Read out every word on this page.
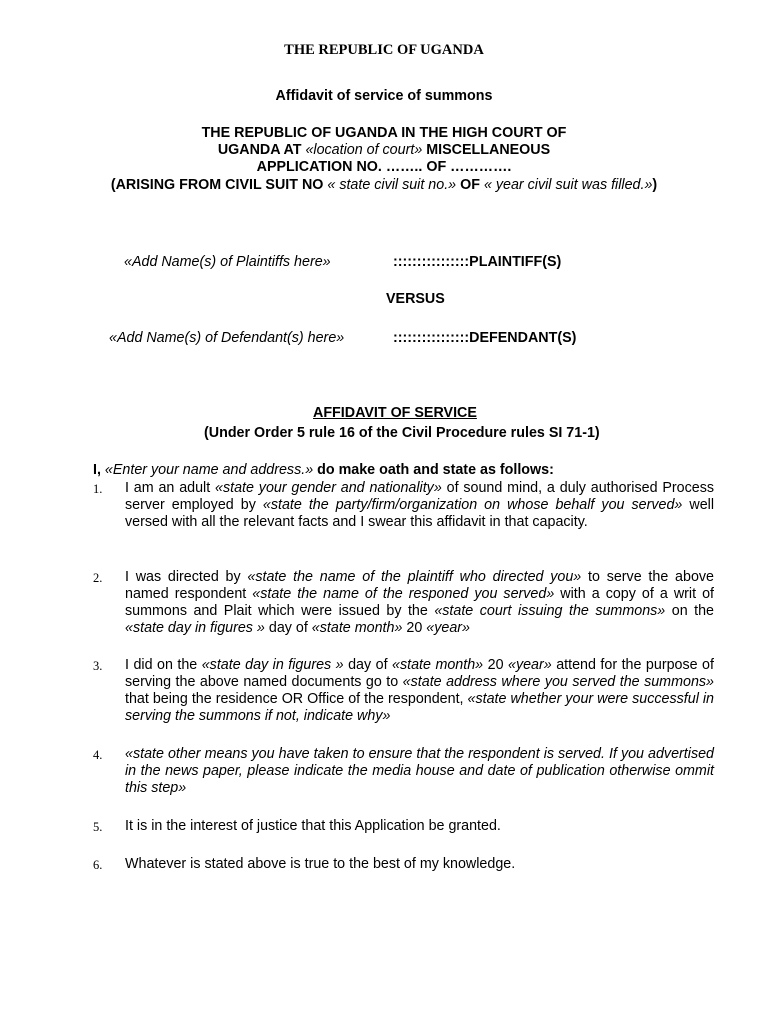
THE REPUBLIC OF UGANDA
Affidavit of service of summons
THE REPUBLIC OF UGANDA IN THE HIGH COURT OF
UGANDA AT «location of court» MISCELLANEOUS
APPLICATION NO. …….. OF ………….
(ARISING FROM CIVIL SUIT NO « state civil suit no.» OF « year civil suit was filled.»)
«Add Name(s) of Plaintiffs here»	::::::::::::::::PLAINTIFF(S)
VERSUS
«Add Name(s) of Defendant(s) here»	::::::::::::::::DEFENDANT(S)
AFFIDAVIT OF SERVICE
(Under Order 5 rule 16 of the Civil Procedure rules SI 71-1)
I, «Enter your name and address.» do make oath and state as follows:
1. I am an adult «state your gender and nationality» of sound mind, a duly authorised Process server employed by «state the party/firm/organization on whose behalf you served» well versed with all the relevant facts and I swear this affidavit in that capacity.
2. I was directed by «state the name of the plaintiff who directed you» to serve the above named respondent «state the name of the responed you served» with a copy of a writ of summons and Plait which were issued by the «state court issuing the summons» on the «state day in figures » day of «state month» 20 «year»
3. I did on the «state day in figures » day of «state month» 20 «year» attend for the purpose of serving the above named documents go to «state address where you served the summons» that being the residence OR Office of the respondent, «state whether your were successful in serving the summons if not, indicate why»
4. «state other means you have taken to ensure that the respondent is served. If you advertised in the news paper, please indicate the media house and date of publication otherwise ommit this step»
5. It is in the interest of justice that this Application be granted.
6. Whatever is stated above is true to the best of my knowledge.
